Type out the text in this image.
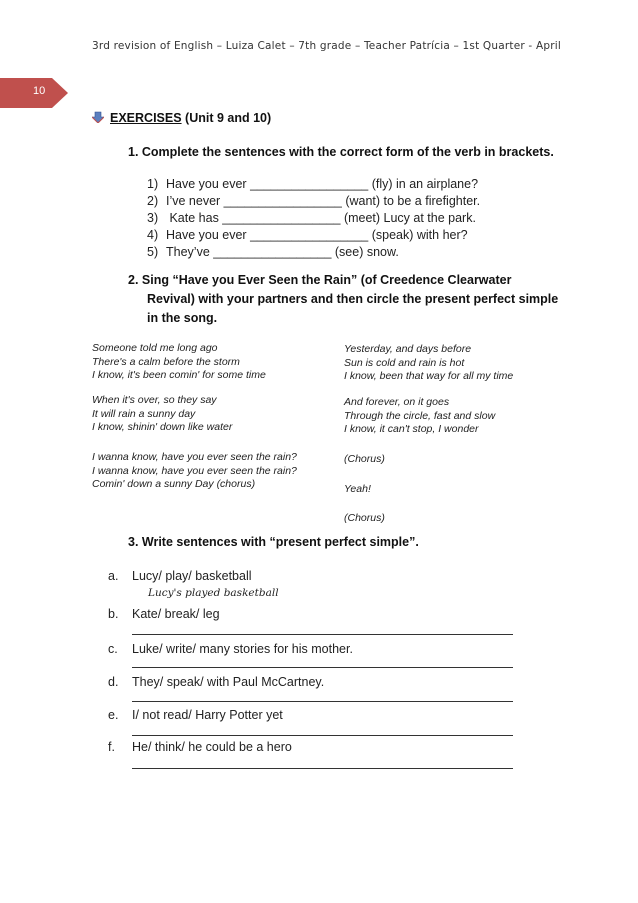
3rd revision of English – Luiza Calet – 7th grade – Teacher Patrícia – 1st Quarter - April
10
EXERCISES (Unit 9 and 10)
1. Complete the sentences with the correct form of the verb in brackets.
1) Have you ever _________________ (fly) in an airplane?
2) I’ve never _________________ (want) to be a firefighter.
3) Kate has _________________ (meet) Lucy at the park.
4) Have you ever _________________ (speak) with her?
5) They’ve _________________ (see) snow.
2. Sing “Have you Ever Seen the Rain” (of Creedence Clearwater
Revival) with your partners and then circle the present perfect simple
in the song.
Someone told me long ago
There's a calm before the storm
I know, it's been comin' for some time
When it's over, so they say
It will rain a sunny day
I know, shinin' down like water
I wanna know, have you ever seen the rain?
I wanna know, have you ever seen the rain?
Comin' down a sunny Day (chorus)
Yesterday, and days before
Sun is cold and rain is hot
I know, been that way for all my time
And forever, on it goes
Through the circle, fast and slow
I know, it can't stop, I wonder
(Chorus)
Yeah!
(Chorus)
3. Write sentences with “present perfect simple”.
a. Lucy/ play/ basketball
Lucy's played basketball
b. Kate/ break/ leg
c. Luke/ write/ many stories for his mother.
d. They/ speak/ with Paul McCartney.
e. I/ not read/ Harry Potter yet
f. He/ think/ he could be a hero
